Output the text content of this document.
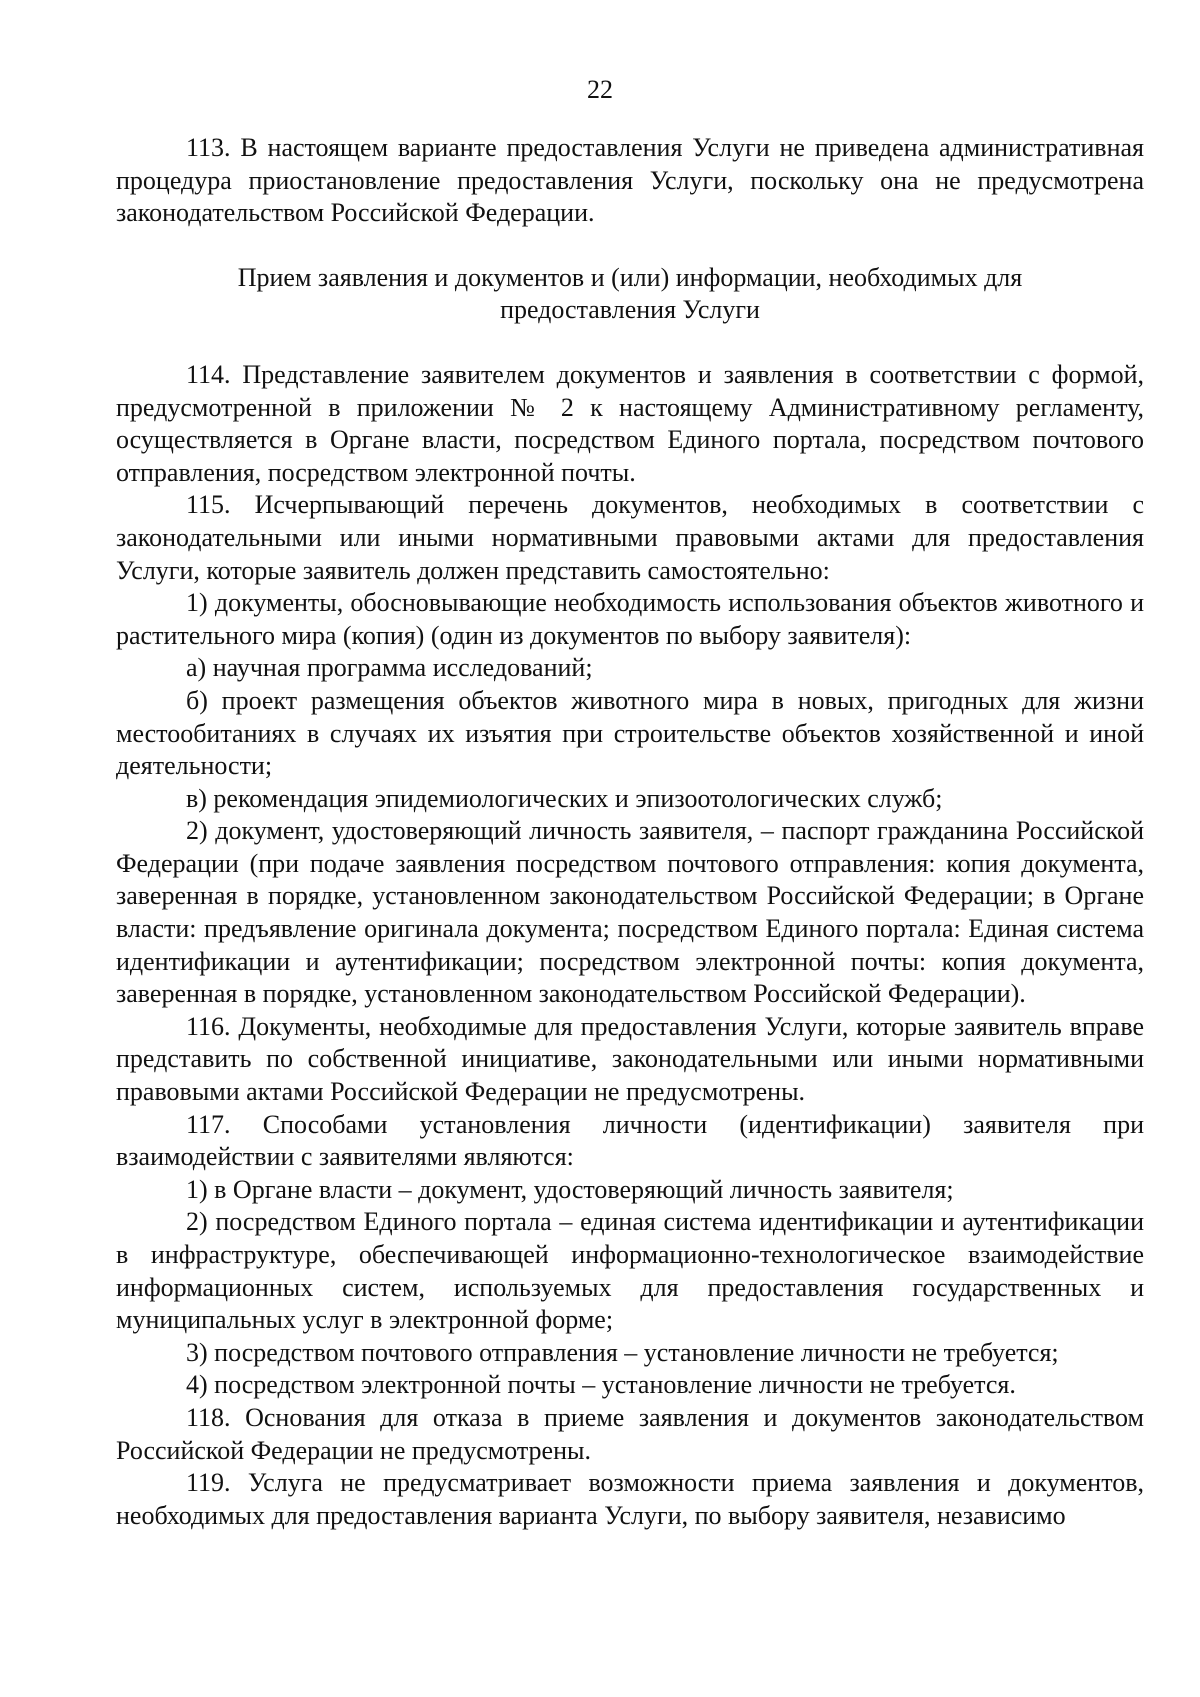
22

113. В настоящем варианте предоставления Услуги не приведена административная процедура приостановление предоставления Услуги, поскольку она не предусмотрена законодательством Российской Федерации.

Прием заявления и документов и (или) информации, необходимых для
предоставления Услуги

114. Представление заявителем документов и заявления в соответствии с формой, предусмотренной в приложении № 2 к настоящему Административному регламенту, осуществляется в Органе власти, посредством Единого портала, посредством почтового отправления, посредством электронной почты.

115. Исчерпывающий перечень документов, необходимых в соответствии с законодательными или иными нормативными правовыми актами для предоставления Услуги, которые заявитель должен представить самостоятельно:

1) документы, обосновывающие необходимость использования объектов животного и растительного мира (копия) (один из документов по выбору заявителя):

а) научная программа исследований;

б) проект размещения объектов животного мира в новых, пригодных для жизни местообитаниях в случаях их изъятия при строительстве объектов хозяйственной и иной деятельности;

в) рекомендация эпидемиологических и эпизоотологических служб;

2) документ, удостоверяющий личность заявителя, – паспорт гражданина Российской Федерации (при подаче заявления посредством почтового отправления: копия документа, заверенная в порядке, установленном законодательством Российской Федерации; в Органе власти: предъявление оригинала документа; посредством Единого портала: Единая система идентификации и аутентификации; посредством электронной почты: копия документа, заверенная в порядке, установленном законодательством Российской Федерации).

116. Документы, необходимые для предоставления Услуги, которые заявитель вправе представить по собственной инициативе, законодательными или иными нормативными правовыми актами Российской Федерации не предусмотрены.

117. Способами установления личности (идентификации) заявителя при взаимодействии с заявителями являются:

1) в Органе власти – документ, удостоверяющий личность заявителя;

2) посредством Единого портала – единая система идентификации и аутентификации в инфраструктуре, обеспечивающей информационно-технологическое взаимодействие информационных систем, используемых для предоставления государственных и муниципальных услуг в электронной форме;

3) посредством почтового отправления – установление личности не требуется;

4) посредством электронной почты – установление личности не требуется.

118. Основания для отказа в приеме заявления и документов законодательством Российской Федерации не предусмотрены.

119. Услуга не предусматривает возможности приема заявления и документов, необходимых для предоставления варианта Услуги, по выбору заявителя, независимо
